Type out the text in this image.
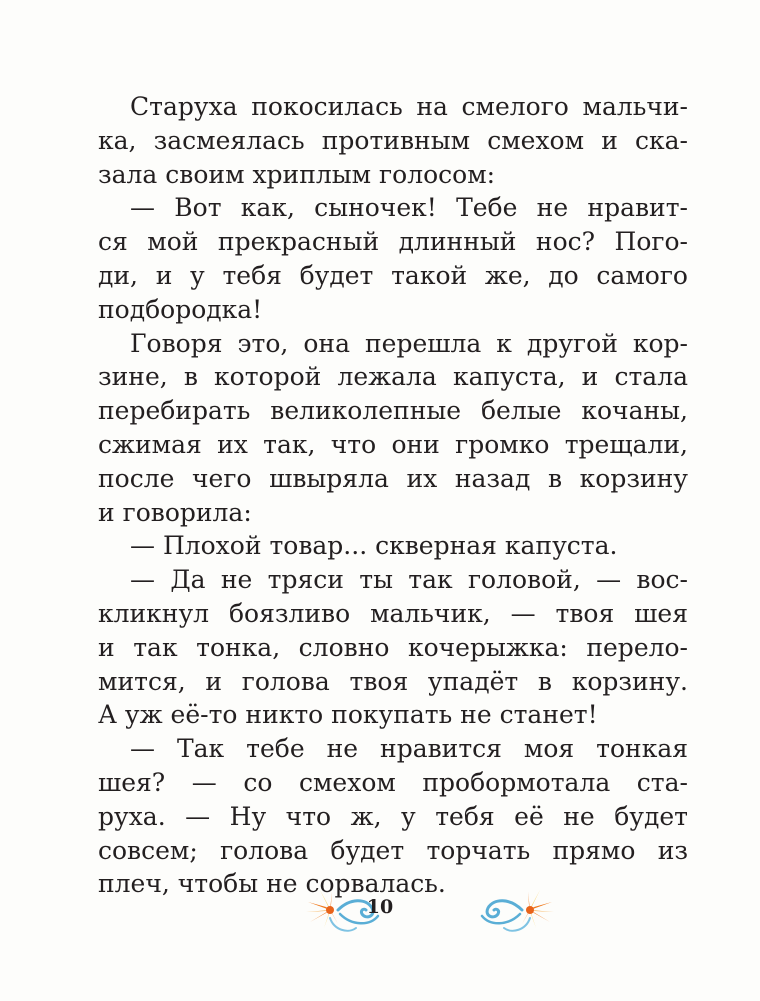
Старуха покосилась на смелого мальчи-
ка, засмеялась противным смехом и ска-
зала своим хриплым голосом:
— Вот как, сыночек! Тебе не нравит-
ся мой прекрасный длинный нос? Пого-
ди, и у тебя будет такой же, до самого
подбородка!
Говоря это, она перешла к другой кор-
зине, в которой лежала капуста, и стала
перебирать великолепные белые кочаны,
сжимая их так, что они громко трещали,
после чего швыряла их назад в корзину
и говорила:
— Плохой товар... скверная капуста.
— Да не тряси ты так головой, — вос-
кликнул боязливо мальчик, — твоя шея
и так тонка, словно кочерыжка: перело-
мится, и голова твоя упадёт в корзину.
А уж её-то никто покупать не станет!
— Так тебе не нравится моя тонкая
шея? — со смехом пробормотала ста-
руха. — Ну что ж, у тебя её не будет
совсем; голова будет торчать прямо из
плеч, чтобы не сорвалась.
10
